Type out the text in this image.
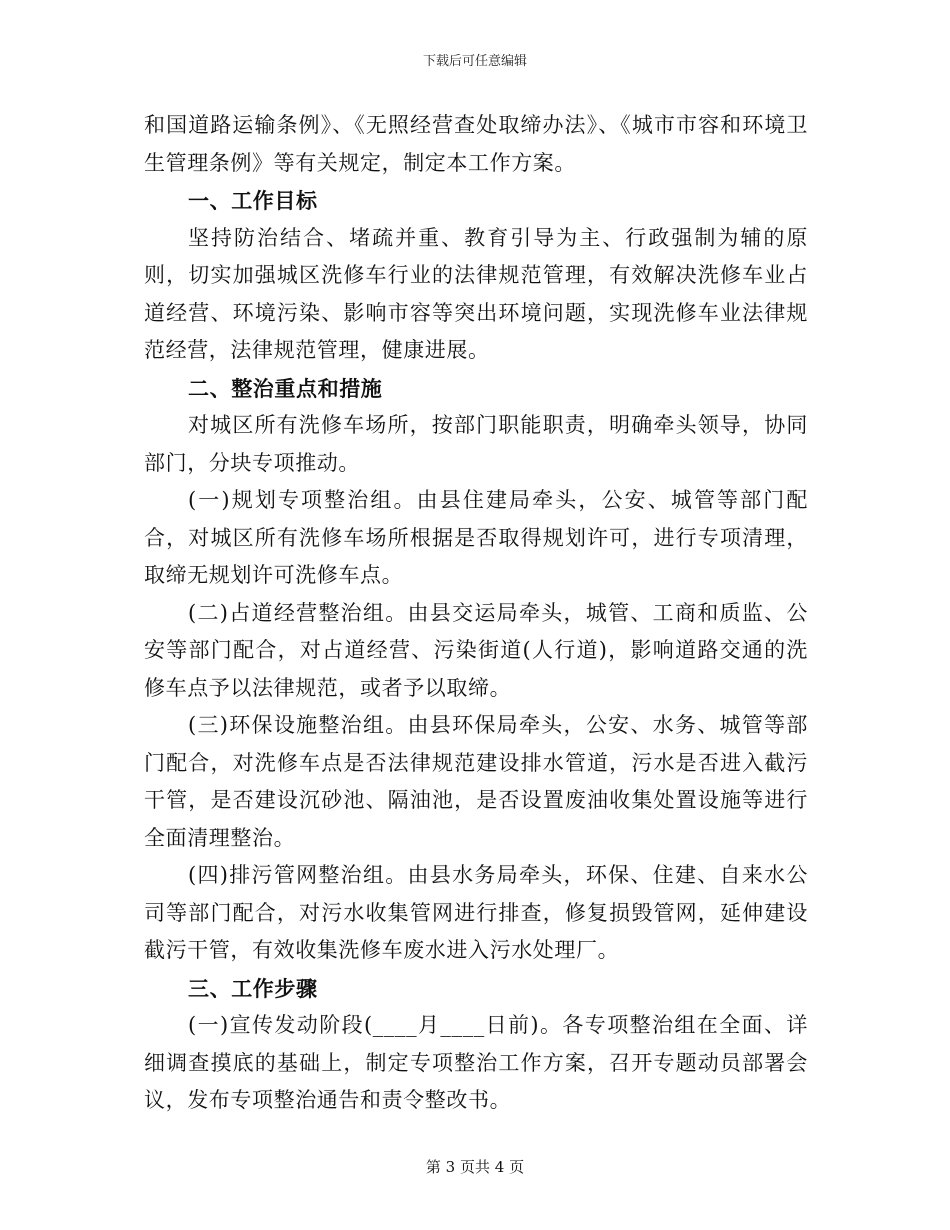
下载后可任意编辑

和国道路运输条例》、《无照经营查处取缔办法》、《城市市容和环境卫生管理条例》等有关规定，制定本工作方案。

一、工作目标

坚持防治结合、堵疏并重、教育引导为主、行政强制为辅的原则，切实加强城区洗修车行业的法律规范管理，有效解决洗修车业占道经营、环境污染、影响市容等突出环境问题，实现洗修车业法律规范经营，法律规范管理，健康进展。

二、整治重点和措施

对城区所有洗修车场所，按部门职能职责，明确牵头领导，协同部门，分块专项推动。

(一)规划专项整治组。由县住建局牵头，公安、城管等部门配合，对城区所有洗修车场所根据是否取得规划许可，进行专项清理，取缔无规划许可洗修车点。

(二)占道经营整治组。由县交运局牵头，城管、工商和质监、公安等部门配合，对占道经营、污染街道(人行道)，影响道路交通的洗修车点予以法律规范，或者予以取缔。

(三)环保设施整治组。由县环保局牵头，公安、水务、城管等部门配合，对洗修车点是否法律规范建设排水管道，污水是否进入截污干管，是否建设沉砂池、隔油池，是否设置废油收集处置设施等进行全面清理整治。

(四)排污管网整治组。由县水务局牵头，环保、住建、自来水公司等部门配合，对污水收集管网进行排查，修复损毁管网，延伸建设截污干管，有效收集洗修车废水进入污水处理厂。

三、工作步骤

(一)宣传发动阶段(____月____日前)。各专项整治组在全面、详细调查摸底的基础上，制定专项整治工作方案，召开专题动员部署会议，发布专项整治通告和责令整改书。

第 3 页共 4 页
